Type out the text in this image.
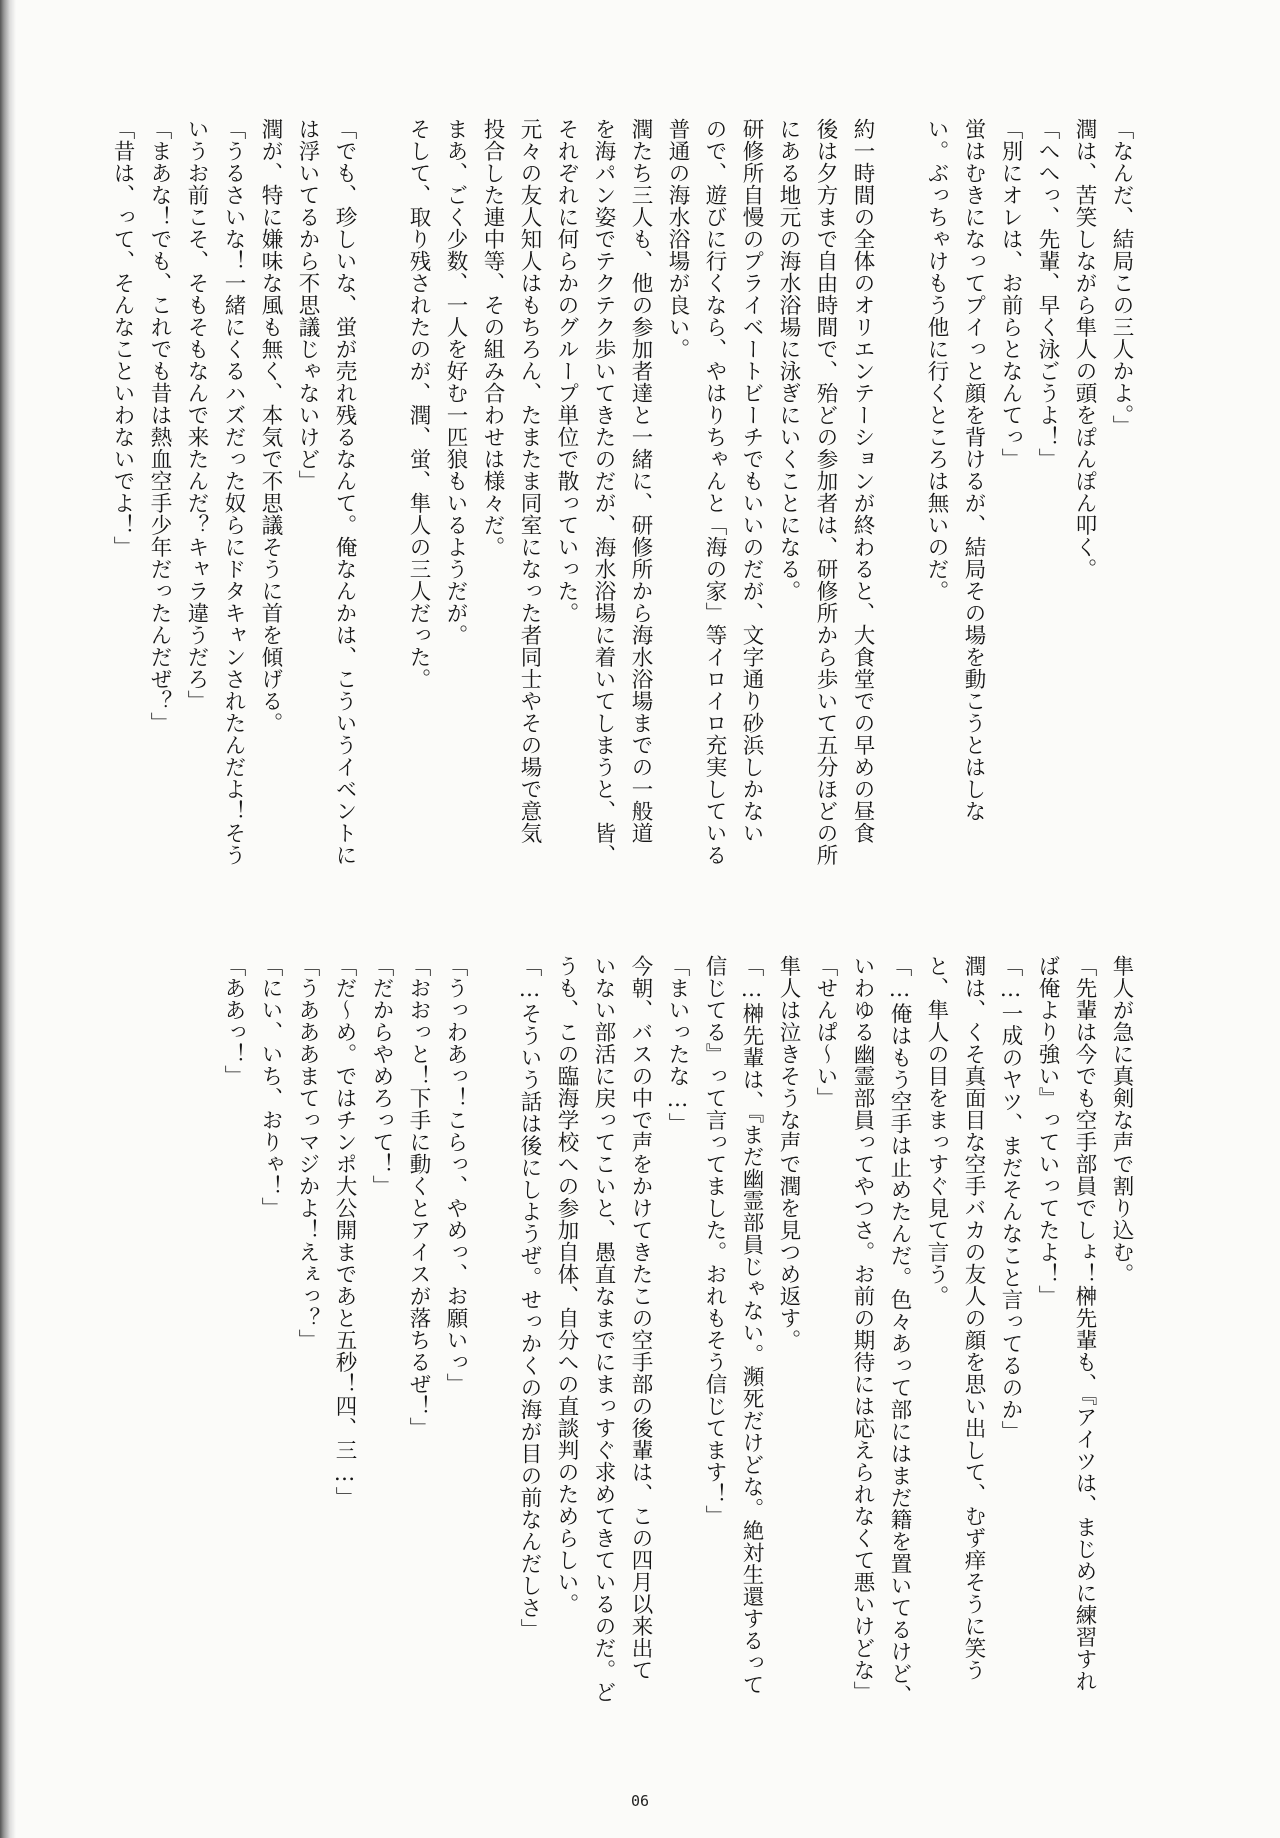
「なんだ、結局この三人かよ。」

潤は、苦笑しながら隼人の頭をぽんぽん叩く。

「へへっ、先輩、早く泳ごうよ！」

「別にオレは、お前らとなんてっ」

蛍はむきになってプイっと顔を背けるが、結局その場を動こうとはしな

い。ぶっちゃけもう他に行くところは無いのだ。

約一時間の全体のオリエンテーションが終わると、大食堂での早めの昼食

後は夕方まで自由時間で、殆どの参加者は、研修所から歩いて五分ほどの所

にある地元の海水浴場に泳ぎにいくことになる。

研修所自慢のプライベートビーチでもいいのだが、文字通り砂浜しかない

ので、遊びに行くなら、やはりちゃんと「海の家」等イロイロ充実している

普通の海水浴場が良い。

潤たち三人も、他の参加者達と一緒に、研修所から海水浴場までの一般道

を海パン姿でテクテク歩いてきたのだが、海水浴場に着いてしまうと、皆、

それぞれに何らかのグループ単位で散っていった。

元々の友人知人はもちろん、たまたま同室になった者同士やその場で意気

投合した連中等、その組み合わせは様々だ。

まあ、ごく少数、一人を好む一匹狼もいるようだが。

そして、取り残されたのが、潤、蛍、隼人の三人だった。

「でも、珍しいな、蛍が売れ残るなんて。俺なんかは、こういうイベントに

は浮いてるから不思議じゃないけど」

潤が、特に嫌味な風も無く、本気で不思議そうに首を傾げる。

「うるさいな！一緒にくるハズだった奴らにドタキャンされたんだよ！そう

いうお前こそ、そもそもなんで来たんだ？キャラ違うだろ」

「まあな！でも、これでも昔は熱血空手少年だったんだぜ？」

「昔は、って、そんなこといわないでよ！」

隼人が急に真剣な声で割り込む。

「先輩は今でも空手部員でしょ！榊先輩も、『アイツは、まじめに練習すれ

ば俺より強い』っていってたよ！」

「…一成のヤツ、まだそんなこと言ってるのか」

潤は、くそ真面目な空手バカの友人の顔を思い出して、むず痒そうに笑う

と、隼人の目をまっすぐ見て言う。

「…俺はもう空手は止めたんだ。色々あって部にはまだ籍を置いてるけど、

いわゆる幽霊部員ってやつさ。お前の期待には応えられなくて悪いけどな」

「せんぱ～い」

隼人は泣きそうな声で潤を見つめ返す。

「…榊先輩は、『まだ幽霊部員じゃない。瀕死だけどな。絶対生還するって

信じてる』って言ってました。おれもそう信じてます！」

「まいったな…」

今朝、バスの中で声をかけてきたこの空手部の後輩は、この四月以来出て

いない部活に戻ってこいと、愚直なまでにまっすぐ求めてきているのだ。ど

うも、この臨海学校への参加自体、自分への直談判のためらしい。

「…そういう話は後にしようぜ。せっかくの海が目の前なんだしさ」

「うっわあっ！こらっ、やめっ、お願いっ」

「おおっと！下手に動くとアイスが落ちるぜ！」

「だからやめろって！」

「だ～め。ではチンポ大公開まであと五秒！四、三…」

「うあああまてっマジかよ！えぇっ？」

「にい、いち、おりゃ！」

「ああっ！」

06
